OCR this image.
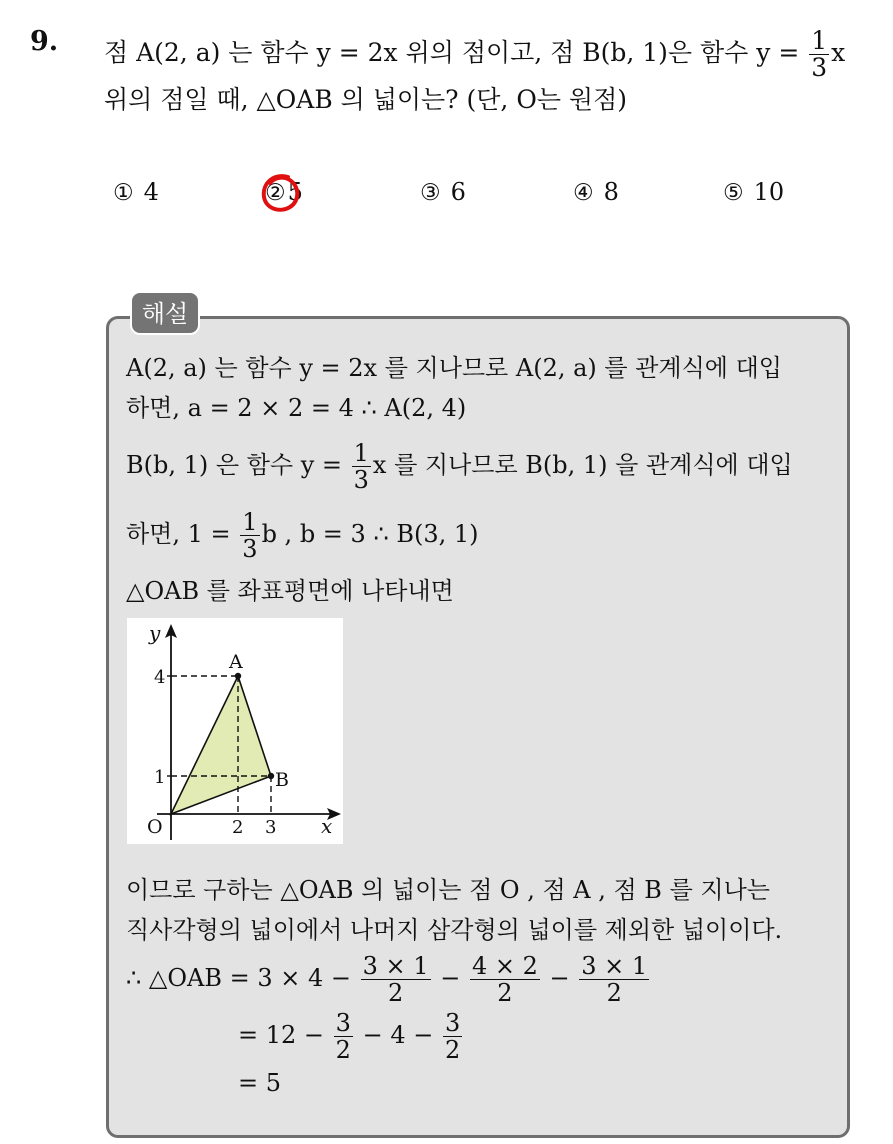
9. 점 A(2, a) 는 함수 y = 2x 위의 점이고, 점 B(b, 1)은 함수 $y = \frac{1}{3}$ x
위의 점일 때, △OAB 의 넓이는? (단, O는 원점)
① 4	②5	③ 6	④ 8	⑤ 10
해설
A(2, a) 는 함수 y = 2x 를 지나므로 A(2, a) 를 관계식에 대입
하면, a = 2 × 2 = 4 ∴ A(2, 4)
B(b, 1) 은 함수 $y = \frac{1}{3}$ x 를 지나므로 B(b, 1) 을 관계식에 대입
하면, $1 = \frac{1}{3}$ b , b = 3 ∴ B(3, 1)
△OAB 를 좌표평면에 나타내면
y
x
O
A
B
4
1
2 3
이므로 구하는 △OAB 의 넓이는 점 O , 점 A , 점 B 를 지나는
직사각형의 넓이에서 나머지 삼각형의 넓이를 제외한 넓이이다.
∴ △OAB = $3 \times 4 - \frac{3 \times 1}{2} - \frac{4 \times 2}{2} - \frac{3 \times 1}{2}$
= $12 - \frac{3}{2} - 4 - \frac{3}{2}$
= 5
